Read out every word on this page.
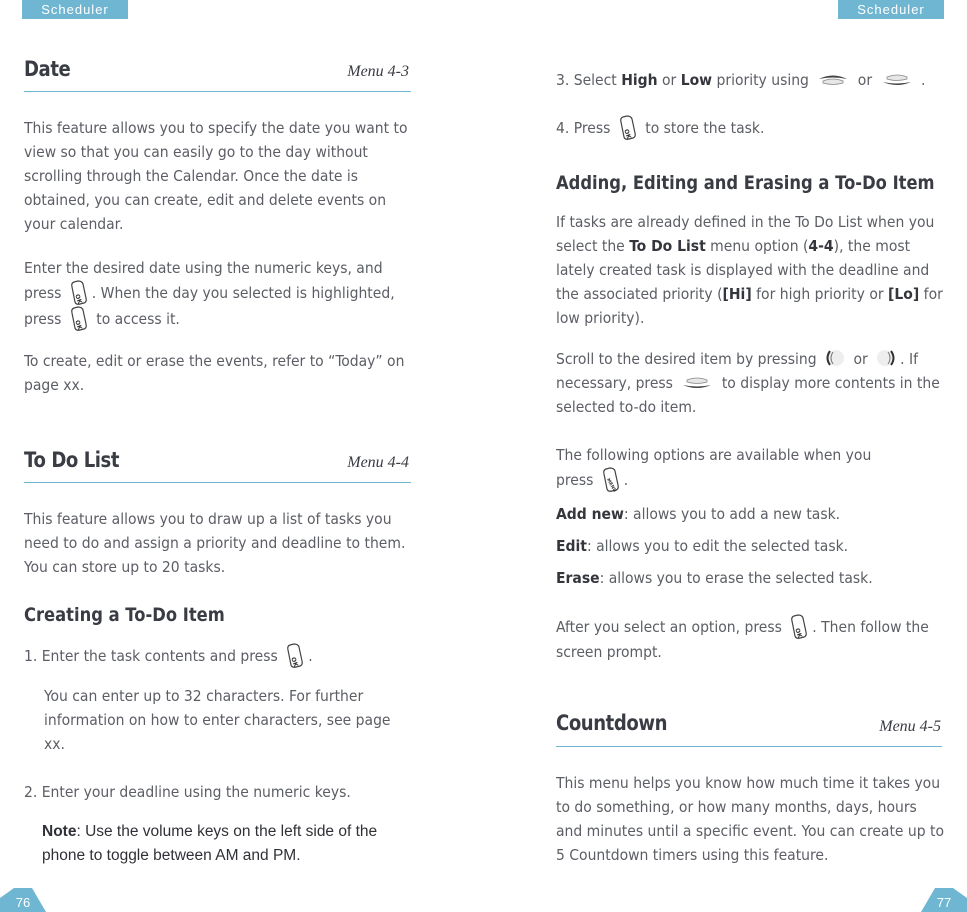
Scheduler	Scheduler
Date	Menu 4-3
This feature allows you to specify the date you want to view so that you can easily go to the day without scrolling through the Calendar. Once the date is obtained, you can create, edit and delete events on your calendar.
Enter the desired date using the numeric keys, and press . When the day you selected is highlighted, press to access it.
To create, edit or erase the events, refer to “Today” on page xx.
To Do List	Menu 4-4
This feature allows you to draw up a list of tasks you need to do and assign a priority and deadline to them. You can store up to 20 tasks.
Creating a To-Do Item
1. Enter the task contents and press .
You can enter up to 32 characters. For further information on how to enter characters, see page xx.
2. Enter your deadline using the numeric keys.
Note: Use the volume keys on the left side of the phone to toggle between AM and PM.
76
3. Select High or Low priority using	or	.
4. Press to store the task.
Adding, Editing and Erasing a To-Do Item
If tasks are already defined in the To Do List when you select the To Do List menu option (4-4), the most lately created task is displayed with the deadline and the associated priority ([Hi] for high priority or [Lo] for low priority).
Scroll to the desired item by pressing or . If necessary, press	to display more contents in the selected to-do item.
The following options are available when you press .
Add new: allows you to add a new task.
Edit: allows you to edit the selected task.
Erase: allows you to erase the selected task.
After you select an option, press . Then follow the screen prompt.
Countdown	Menu 4-5
This menu helps you know how much time it takes you to do something, or how many months, days, hours and minutes until a specific event. You can create up to 5 Countdown timers using this feature.
77
